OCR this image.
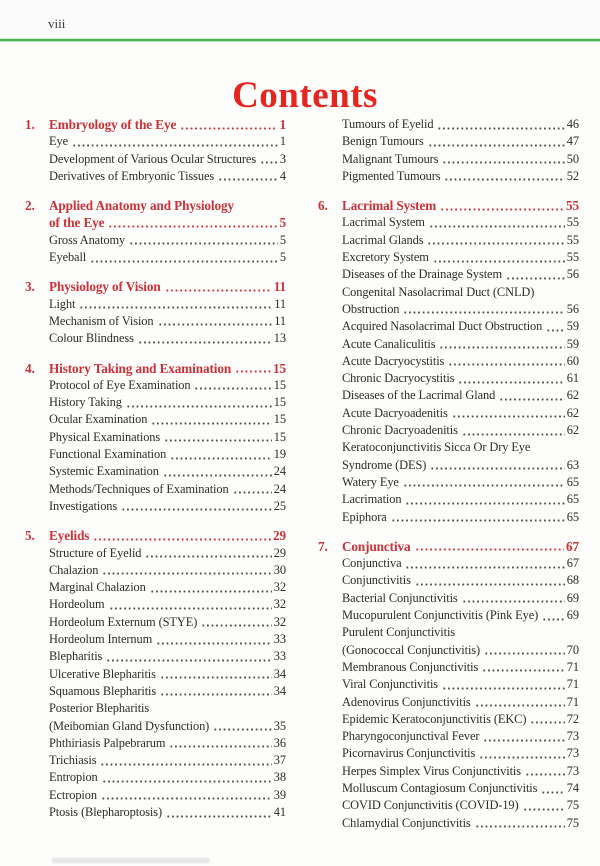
viii
Contents
1.	Embryology of the Eye	1
Eye	1
Development of Various Ocular Structures 3
Derivatives of Embryonic Tissues	4
2.	Applied Anatomy and Physiology
of the Eye	5
Gross Anatomy	5
Eyeball	5
3.	Physiology of Vision	11
Light	11
Mechanism of Vision	11
Colour Blindness	13
4.	History Taking and Examination	15
Protocol of Eye Examination	15
History Taking	15
Ocular Examination	15
Physical Examinations	15
Functional Examination	19
Systemic Examination	24
Methods/Techniques of Examination	24
Investigations	25
5.	Eyelids	29
Structure of Eyelid	29
Chalazion	30
Marginal Chalazion	32
Hordeolum	32
Hordeolum Externum (STYE)	32
Hordeolum Internum	33
Blepharitis	33
Ulcerative Blepharitis	34
Squamous Blepharitis	34
Posterior Blepharitis
(Meibomian Gland Dysfunction)	35
Phthiriasis Palpebrarum	36
Trichiasis	37
Entropion	38
Ectropion	39
Ptosis (Blepharoptosis)	41
Tumours of Eyelid	46
Benign Tumours	47
Malignant Tumours	50
Pigmented Tumours	52
6.	Lacrimal System	55
Lacrimal System	55
Lacrimal Glands	55
Excretory System	55
Diseases of the Drainage System	56
Congenital Nasolacrimal Duct (CNLD)
Obstruction	56
Acquired Nasolacrimal Duct Obstruction 59
Acute Canaliculitis	59
Acute Dacryocystitis	60
Chronic Dacryocystitis	61
Diseases of the Lacrimal Gland	62
Acute Dacryoadenitis	62
Chronic Dacryoadenitis	62
Keratoconjunctivitis Sicca Or Dry Eye
Syndrome (DES)	63
Watery Eye	65
Lacrimation	65
Epiphora	65
7.	Conjunctiva	67
Conjunctiva	67
Conjunctivitis	68
Bacterial Conjunctivitis	69
Mucopurulent Conjunctivitis (Pink Eye) 69
Purulent Conjunctivitis
(Gonococcal Conjunctivitis)	70
Membranous Conjunctivitis	71
Viral Conjunctivitis	71
Adenovirus Conjunctivitis	71
Epidemic Keratoconjunctivitis (EKC)	72
Pharyngoconjunctival Fever	73
Picornavirus Conjunctivitis	73
Herpes Simplex Virus Conjunctivitis	73
Molluscum Contagiosum Conjunctivitis 74
COVID Conjunctivitis (COVID-19)	75
Chlamydial Conjunctivitis	75
